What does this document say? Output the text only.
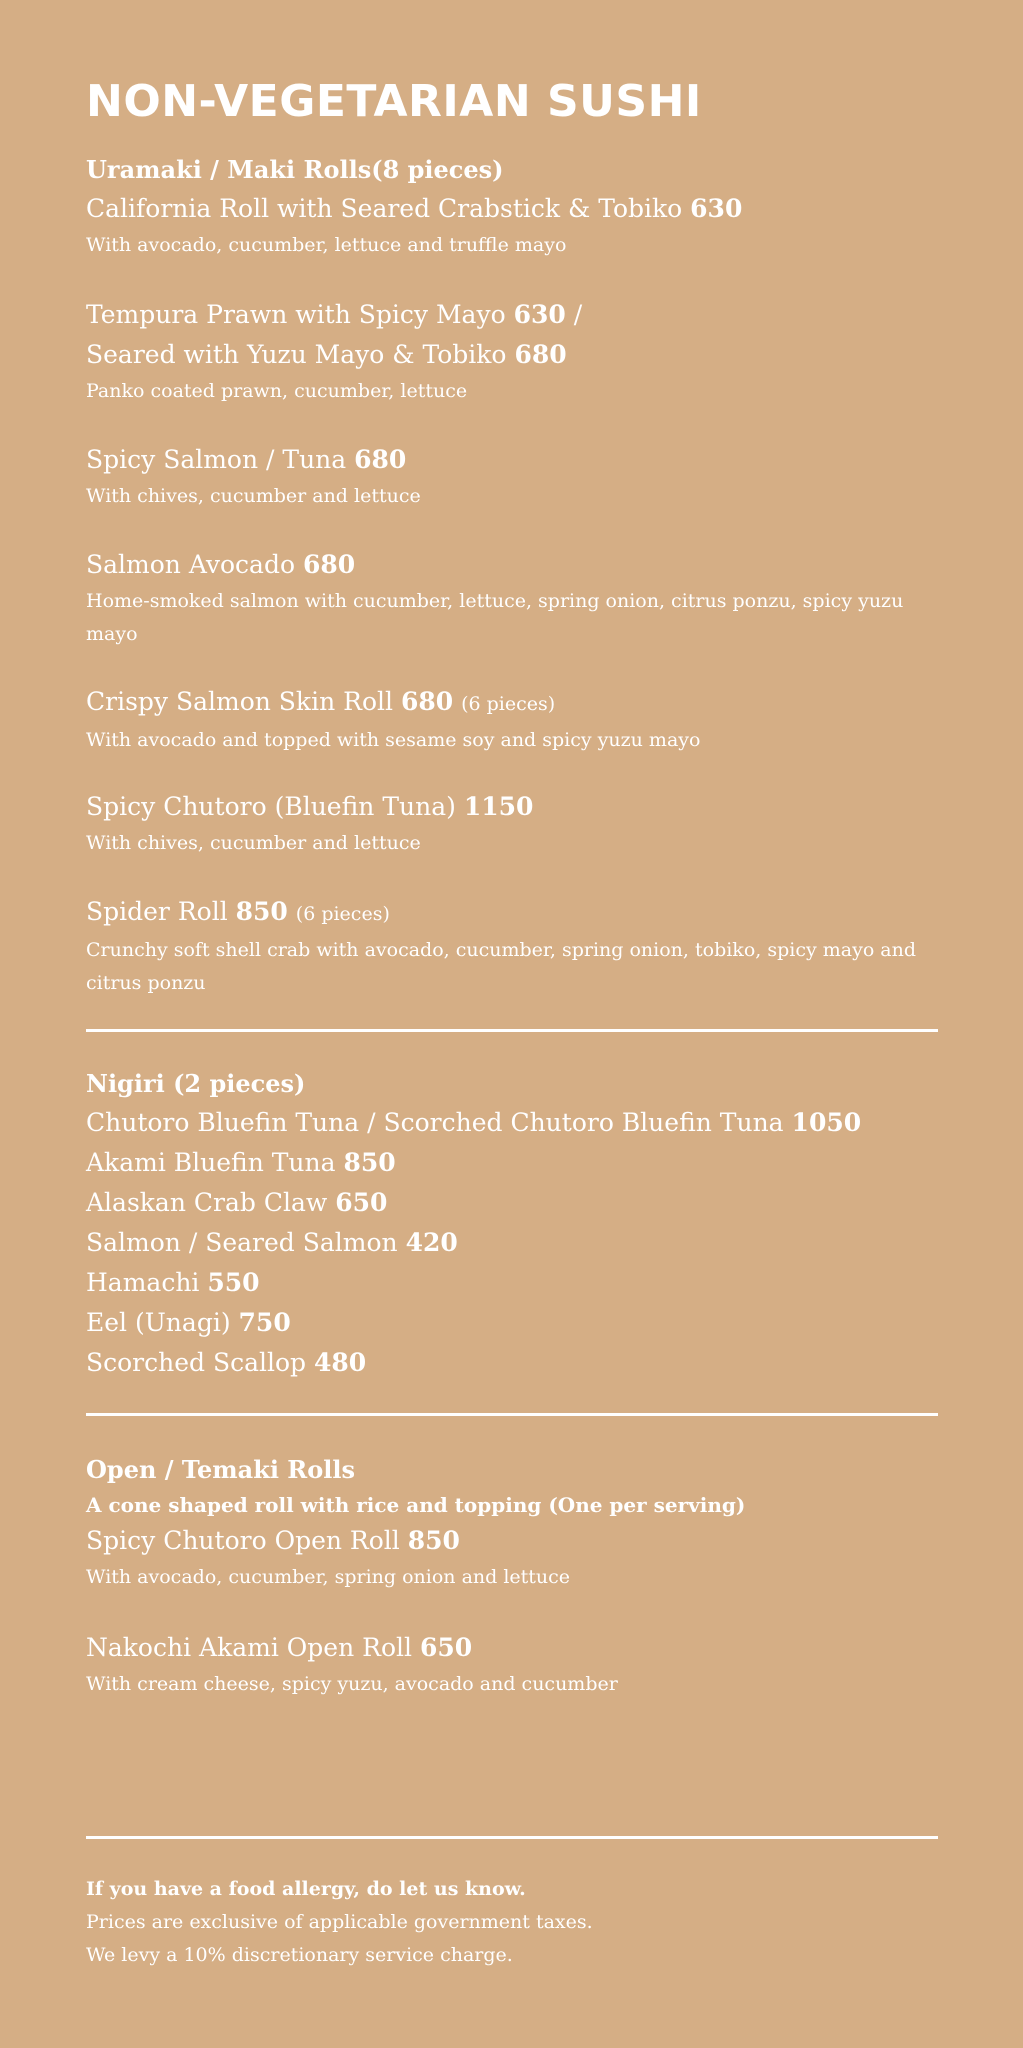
NON-VEGETARIAN SUSHI
Uramaki / Maki Rolls(8 pieces)
California Roll with Seared Crabstick & Tobiko 630
With avocado, cucumber, lettuce and truffle mayo
Tempura Prawn with Spicy Mayo 630 /
Seared with Yuzu Mayo & Tobiko 680
Panko coated prawn, cucumber, lettuce
Spicy Salmon / Tuna 680
With chives, cucumber and lettuce
Salmon Avocado 680
Home-smoked salmon with cucumber, lettuce, spring onion, citrus ponzu, spicy yuzu mayo
Crispy Salmon Skin Roll 680 (6 pieces)
With avocado and topped with sesame soy and spicy yuzu mayo
Spicy Chutoro (Bluefin Tuna) 1150
With chives, cucumber and lettuce
Spider Roll 850 (6 pieces)
Crunchy soft shell crab with avocado, cucumber, spring onion, tobiko, spicy mayo and citrus ponzu
Nigiri (2 pieces)
Chutoro Bluefin Tuna / Scorched Chutoro Bluefin Tuna 1050
Akami Bluefin Tuna 850
Alaskan Crab Claw 650
Salmon / Seared Salmon 420
Hamachi 550
Eel (Unagi) 750
Scorched Scallop 480
Open / Temaki Rolls
A cone shaped roll with rice and topping (One per serving)
Spicy Chutoro Open Roll 850
With avocado, cucumber, spring onion and lettuce
Nakochi Akami Open Roll 650
With cream cheese, spicy yuzu, avocado and cucumber
If you have a food allergy, do let us know.
Prices are exclusive of applicable government taxes.
We levy a 10% discretionary service charge.
